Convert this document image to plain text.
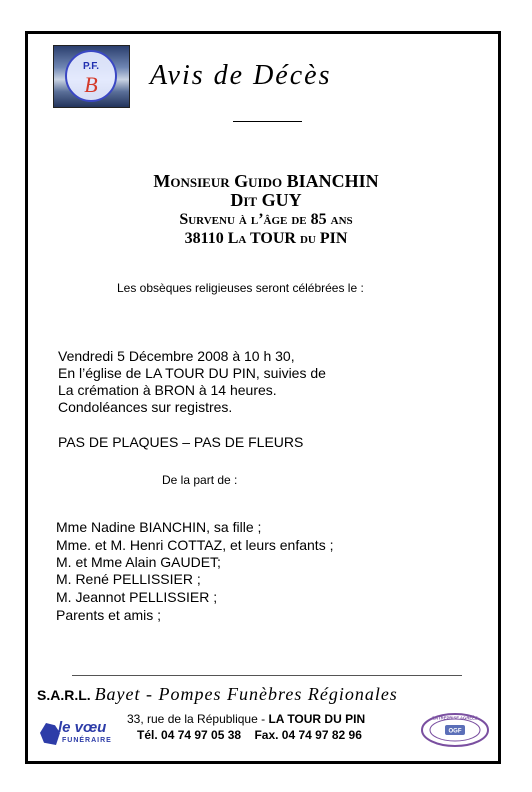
P.F.
B	Avis de Décès
Monsieur Guido BIANCHIN
Dit GUY
Survenu à l’âge de 85 ans
38110 La TOUR du PIN
Les obsèques religieuses seront célébrées le :
Vendredi 5 Décembre 2008 à 10 h 30,
En l’église de LA TOUR DU PIN, suivies de
La crémation à BRON à 14 heures.
Condoléances sur registres.
PAS DE PLAQUES – PAS DE FLEURS
De la part de :
Mme Nadine BIANCHIN, sa fille ;
Mme. et M. Henri COTTAZ, et leurs enfants ;
M. et Mme Alain GAUDET;
M. René PELLISSIER ;
M. Jeannot PELLISSIER ;
Parents et amis ;
S.A.R.L. Bayet - Pompes Funèbres Régionales
33, rue de la République - LA TOUR DU PIN
Tél. 04 74 97 05 38 Fax. 04 74 97 82 96
le vœu
FUNÉRAIRE
ENTREPRISE AGRÉÉE
OGF
